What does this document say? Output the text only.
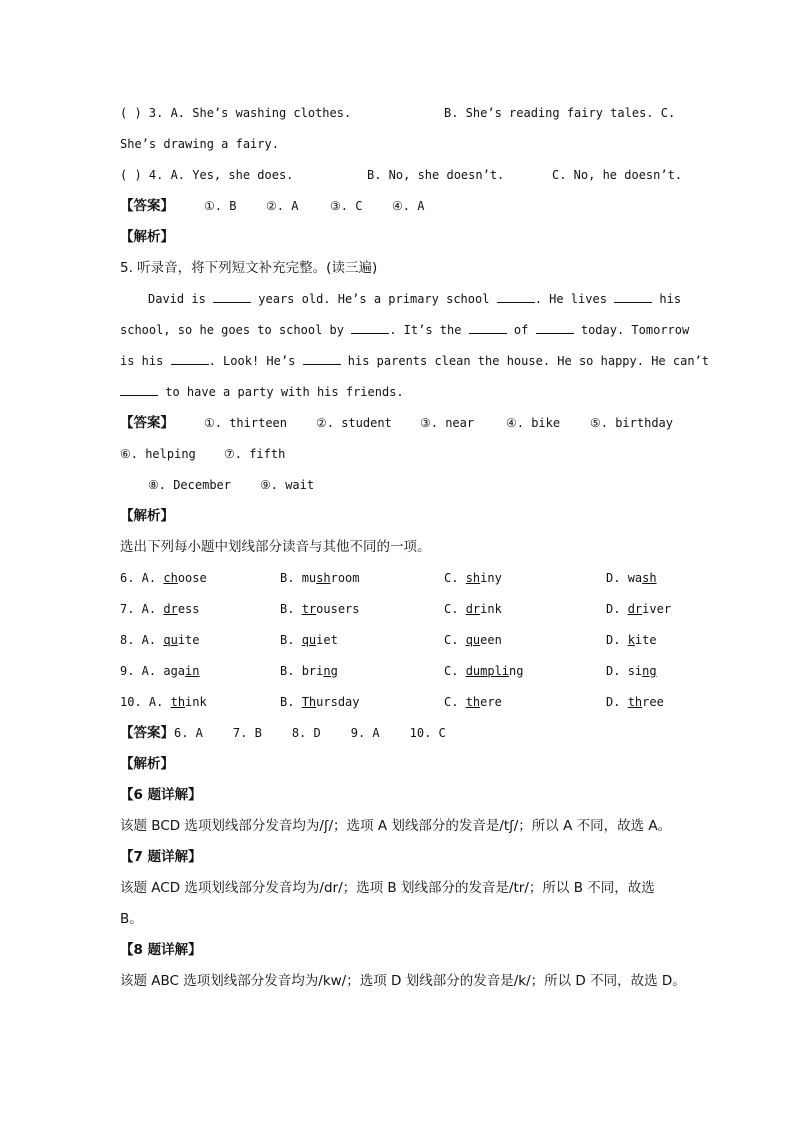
( ) 3. A. She’s washing clothes.	B. She’s reading fairy tales. C.
She’s drawing a fairy.
( ) 4. A. Yes, she does.	B. No, she doesn’t.	C. No, he doesn’t.
【答案】	①. B ②. A	③. C ④. A
【解析】
5. 听录音，将下列短文补充完整。(读三遍)
David is	years old. He’s a primary school	. He lives	his
school, so he goes to school by	. It’s the	of	today. Tomorrow
is his	. Look! He’s	his parents clean the house. He so happy. He can’t
to have a party with his friends.
【答案】	①. thirteen ②. student ③. near	④. bike ⑤. birthday
⑥. helping ⑦. fifth
⑧. December ⑨. wait
【解析】
选出下列每小题中划线部分读音与其他不同的一项。
6. A. choose	B. mushroom	C. shiny	D. wash
7. A. dress	B. trousers	C. drink	D. driver
8. A. quite	B. quiet	C. queen	D. kite
9. A. again	B. bring	C. dumpling	D. sing
10. A. think	B. Thursday	C. there	D. three
【答案】6. A	7. B	8. D	9. A	10. C
【解析】
【6 题详解】
该题 BCD 选项划线部分发音均为/ʃ/；选项 A 划线部分的发音是/tʃ/；所以 A 不同，故选 A。
【7 题详解】
该题 ACD 选项划线部分发音均为/dr/；选项 B 划线部分的发音是/tr/；所以 B 不同，故选
B。
【8 题详解】
该题 ABC 选项划线部分发音均为/kw/；选项 D 划线部分的发音是/k/；所以 D 不同，故选 D。
